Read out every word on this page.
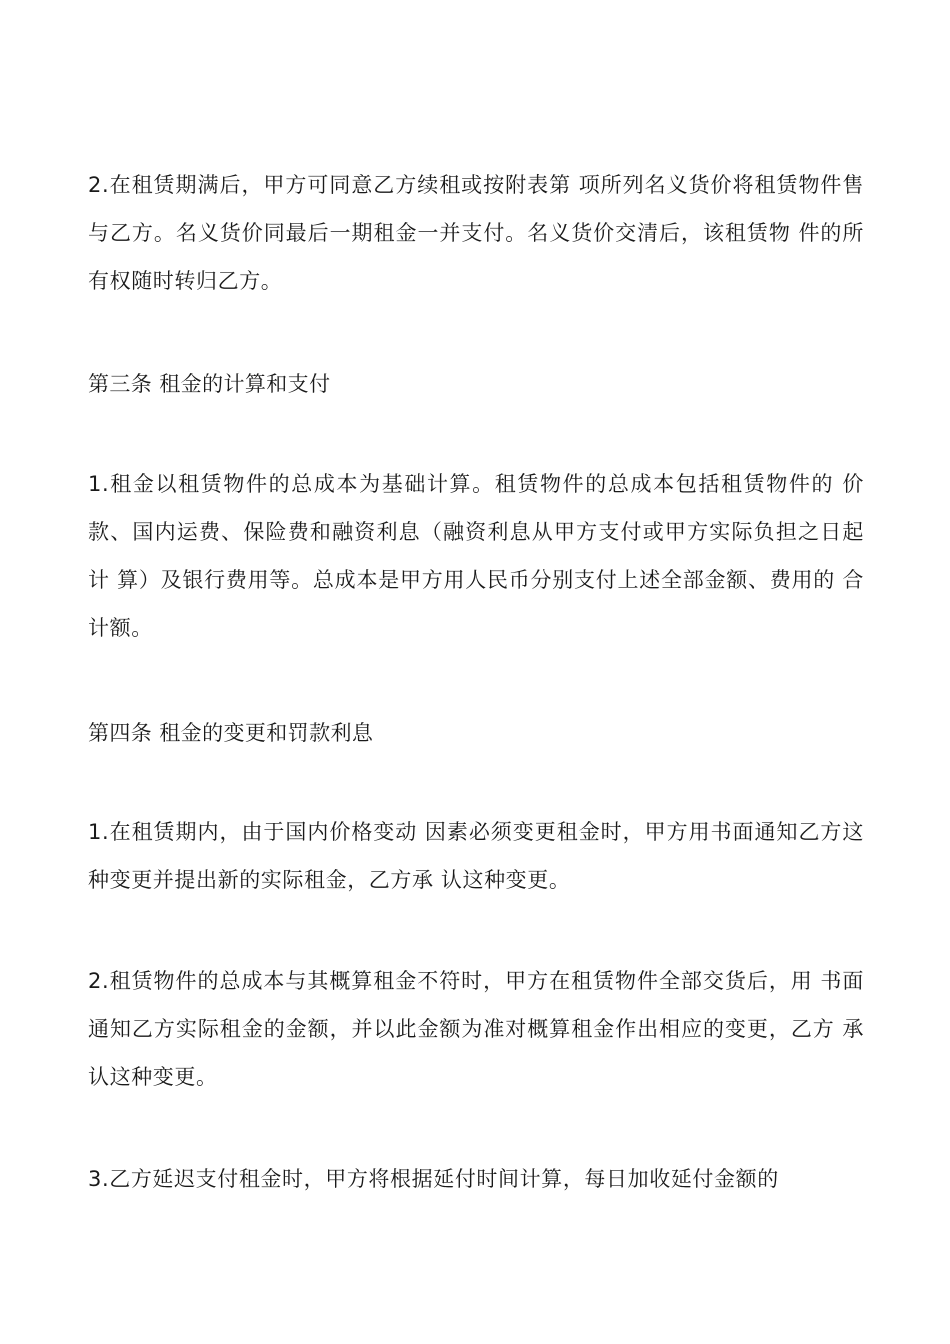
2.在租赁期满后，甲方可同意乙方续租或按附表第 项所列名义货价将租赁物件售与乙方。名义货价同最后一期租金一并支付。名义货价交清后，该租赁物 件的所有权随时转归乙方。

第三条 租金的计算和支付

1.租金以租赁物件的总成本为基础计算。租赁物件的总成本包括租赁物件的 价款、国内运费、保险费和融资利息（融资利息从甲方支付或甲方实际负担之日起计 算）及银行费用等。总成本是甲方用人民币分别支付上述全部金额、费用的 合计额。

第四条 租金的变更和罚款利息

1.在租赁期内，由于国内价格变动 因素必须变更租金时，甲方用书面通知乙方这种变更并提出新的实际租金，乙方承 认这种变更。

2.租赁物件的总成本与其概算租金不符时，甲方在租赁物件全部交货后，用 书面通知乙方实际租金的金额，并以此金额为准对概算租金作出相应的变更，乙方 承认这种变更。

3.乙方延迟支付租金时，甲方将根据延付时间计算，每日加收延付金额的
